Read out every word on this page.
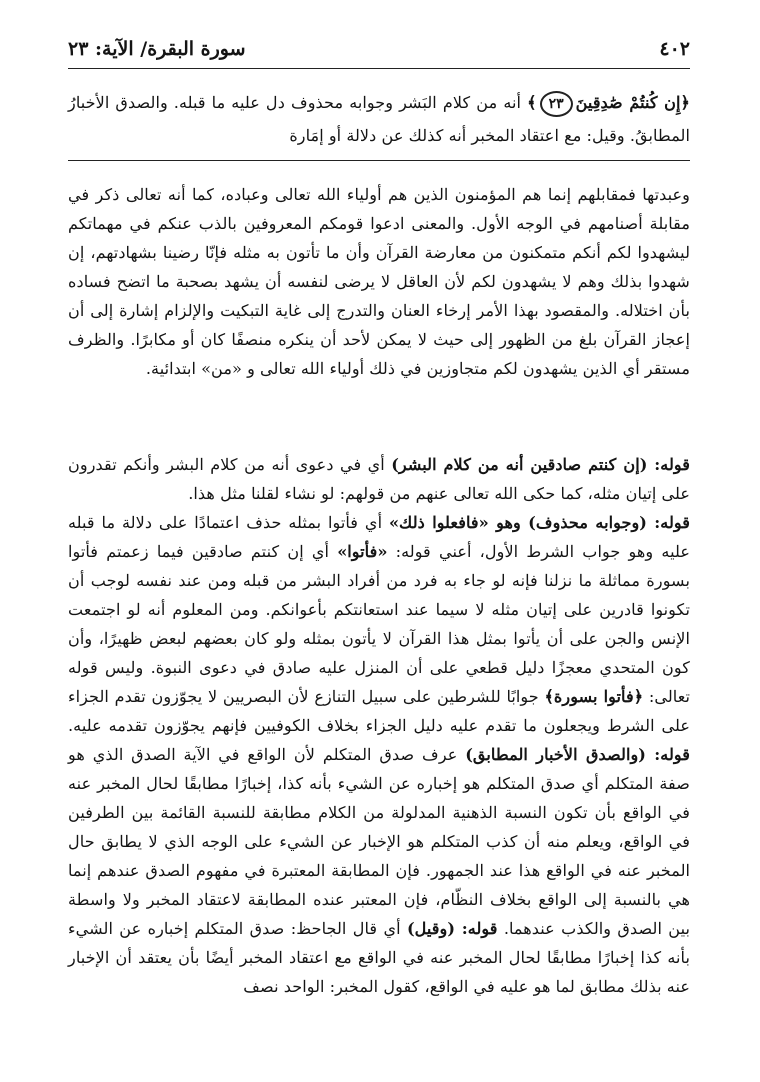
سورة البقرة/ الآية: ٢٣	٤٠٢
﴿إِن كُنتُمْ صَٰدِقِينَ٢٣﴾ أنه من كلام البَشر وجوابه محذوف دل عليه ما قبله. والصدق الأخبارُ المطابقُ. وقيل: مع اعتقاد المخبر أنه كذلك عن دلالة أو إمَارة

وعبدتها فمقابلهم إنما هم المؤمنون الذين هم أولياء الله تعالى وعباده، كما أنه تعالى ذكر في مقابلة أصنامهم في الوجه الأول. والمعنى ادعوا قومكم المعروفين بالذب عنكم في مهماتكم ليشهدوا لكم أنكم متمكنون من معارضة القرآن وأن ما تأتون به مثله فإنّا رضينا بشهادتهم، إن شهدوا بذلك وهم لا يشهدون لكم لأن العاقل لا يرضى لنفسه أن يشهد بصحبة ما اتضح فساده بأن اختلاله. والمقصود بهذا الأمر إرخاء العنان والتدرج إلى غاية التبكيت والإلزام إشارة إلى أن إعجاز القرآن بلغ من الظهور إلى حيث لا يمكن لأحد أن ينكره منصفًا كان أو مكابرًا. والظرف مستقر أي الذين يشهدون لكم متجاوزين في ذلك أولياء الله تعالى و «من» ابتدائية.

قوله: (إن كنتم صادقين أنه من كلام البشر) أي في دعوى أنه من كلام البشر وأنكم تقدرون على إتيان مثله، كما حكى الله تعالى عنهم من قولهم: لو نشاء لقلنا مثل هذا.

قوله: (وجوابه محذوف) وهو «فافعلوا ذلك» أي فأتوا بمثله حذف اعتمادًا على دلالة ما قبله عليه وهو جواب الشرط الأول، أعني قوله: «فأتوا» أي إن كنتم صادقين فيما زعمتم فأتوا بسورة مماثلة ما نزلنا فإنه لو جاء به فرد من أفراد البشر من قبله ومن عند نفسه لوجب أن تكونوا قادرين على إتيان مثله لا سيما عند استعانتكم بأعوانكم. ومن المعلوم أنه لو اجتمعت الإنس والجن على أن يأتوا بمثل هذا القرآن لا يأتون بمثله ولو كان بعضهم لبعض ظهيرًا، وأن كون المتحدي معجزًا دليل قطعي على أن المنزل عليه صادق في دعوى النبوة. وليس قوله تعالى: ﴿فأتوا بسورة﴾ جوابًا للشرطين على سبيل التنازع لأن البصريين لا يجوّزون تقدم الجزاء على الشرط ويجعلون ما تقدم عليه دليل الجزاء بخلاف الكوفيين فإنهم يجوّزون تقدمه عليه. قوله: (والصدق الأخبار المطابق) عرف صدق المتكلم لأن الواقع في الآية الصدق الذي هو صفة المتكلم أي صدق المتكلم هو إخباره عن الشيء بأنه كذا، إخبارًا مطابقًا لحال المخبر عنه في الواقع بأن تكون النسبة الذهنية المدلولة من الكلام مطابقة للنسبة القائمة بين الطرفين في الواقع، ويعلم منه أن كذب المتكلم هو الإخبار عن الشيء على الوجه الذي لا يطابق حال المخبر عنه في الواقع هذا عند الجمهور. فإن المطابقة المعتبرة في مفهوم الصدق عندهم إنما هي بالنسبة إلى الواقع بخلاف النظّام، فإن المعتبر عنده المطابقة لاعتقاد المخبر ولا واسطة بين الصدق والكذب عندهما. قوله: (وقيل) أي قال الجاحظ: صدق المتكلم إخباره عن الشيء بأنه كذا إخبارًا مطابقًا لحال المخبر عنه في الواقع مع اعتقاد المخبر أيضًا بأن يعتقد أن الإخبار عنه بذلك مطابق لما هو عليه في الواقع، كقول المخبر: الواحد نصف
